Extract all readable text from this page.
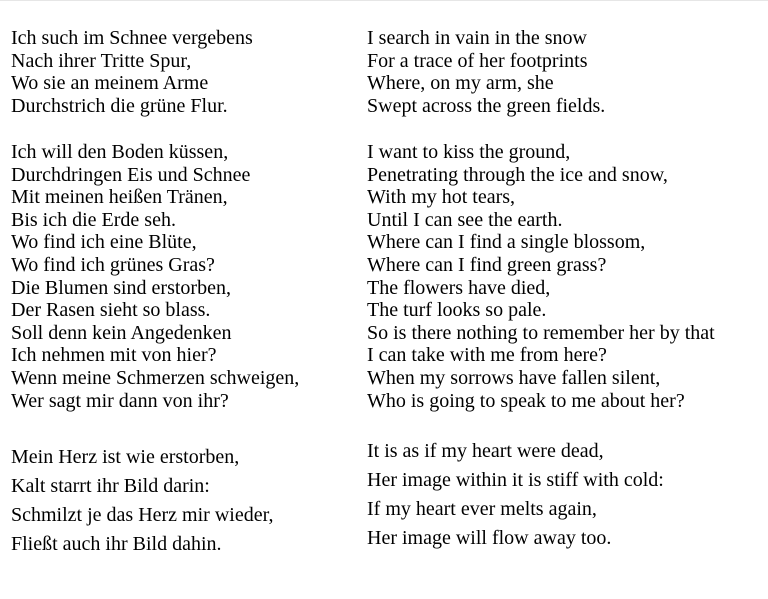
Ich such im Schnee vergebens
Nach ihrer Tritte Spur,
Wo sie an meinem Arme
Durchstrich die grüne Flur.
Ich will den Boden küssen,
Durchdringen Eis und Schnee
Mit meinen heißen Tränen,
Bis ich die Erde seh.
Wo find ich eine Blüte,
Wo find ich grünes Gras?
Die Blumen sind erstorben,
Der Rasen sieht so blass.
Soll denn kein Angedenken
Ich nehmen mit von hier?
Wenn meine Schmerzen schweigen,
Wer sagt mir dann von ihr?
Mein Herz ist wie erstorben,
Kalt starrt ihr Bild darin:
Schmilzt je das Herz mir wieder,
Fließt auch ihr Bild dahin.
I search in vain in the snow
For a trace of her footprints
Where, on my arm, she
Swept across the green fields.
I want to kiss the ground,
Penetrating through the ice and snow,
With my hot tears,
Until I can see the earth.
Where can I find a single blossom,
Where can I find green grass?
The flowers have died,
The turf looks so pale.
So is there nothing to remember her by that
I can take with me from here?
When my sorrows have fallen silent,
Who is going to speak to me about her?
It is as if my heart were dead,
Her image within it is stiff with cold:
If my heart ever melts again,
Her image will flow away too.
